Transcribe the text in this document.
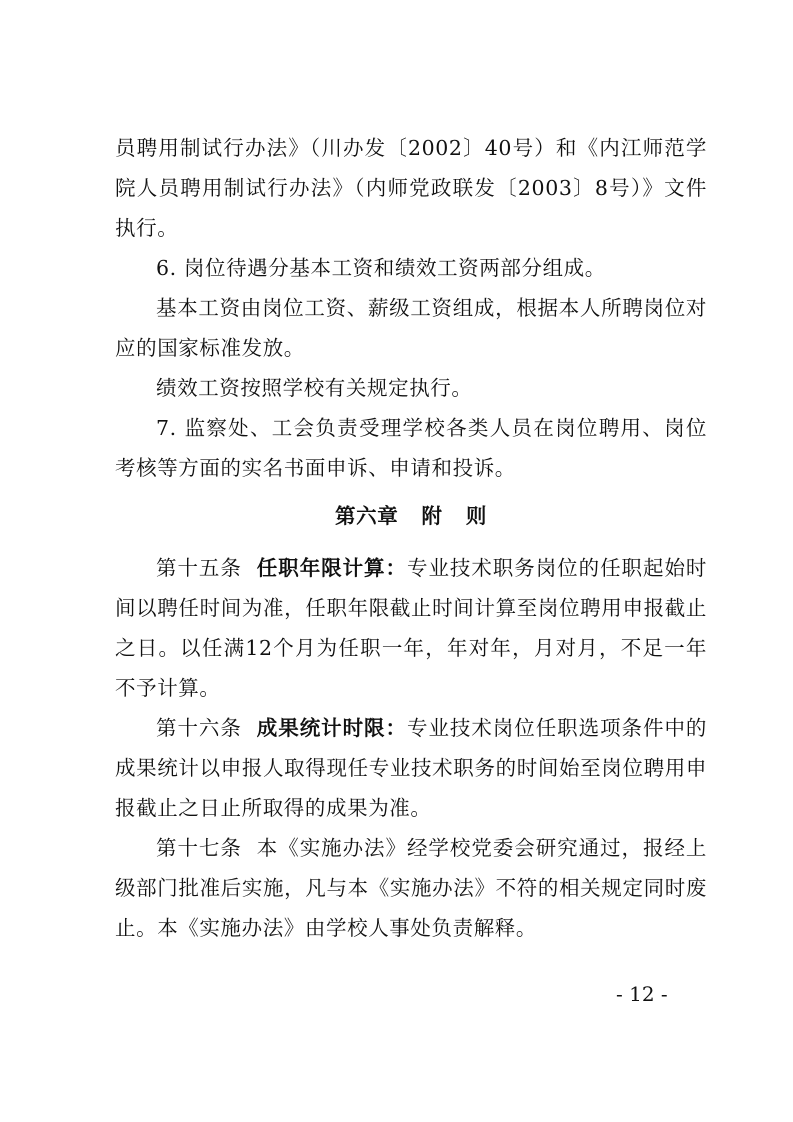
员聘用制试行办法》（川办发〔2002〕40号）和《内江师范学院人员聘用制试行办法》（内师党政联发〔2003〕8号）》文件执行。

6. 岗位待遇分基本工资和绩效工资两部分组成。

基本工资由岗位工资、薪级工资组成，根据本人所聘岗位对应的国家标准发放。

绩效工资按照学校有关规定执行。

7. 监察处、工会负责受理学校各类人员在岗位聘用、岗位考核等方面的实名书面申诉、申请和投诉。

第六章   附   则

第十五条  任职年限计算：专业技术职务岗位的任职起始时间以聘任时间为准，任职年限截止时间计算至岗位聘用申报截止之日。以任满12个月为任职一年，年对年，月对月，不足一年不予计算。

第十六条  成果统计时限：专业技术岗位任职选项条件中的成果统计以申报人取得现任专业技术职务的时间始至岗位聘用申报截止之日止所取得的成果为准。

第十七条  本《实施办法》经学校党委会研究通过，报经上级部门批准后实施，凡与本《实施办法》不符的相关规定同时废止。本《实施办法》由学校人事处负责解释。

- 12 -
